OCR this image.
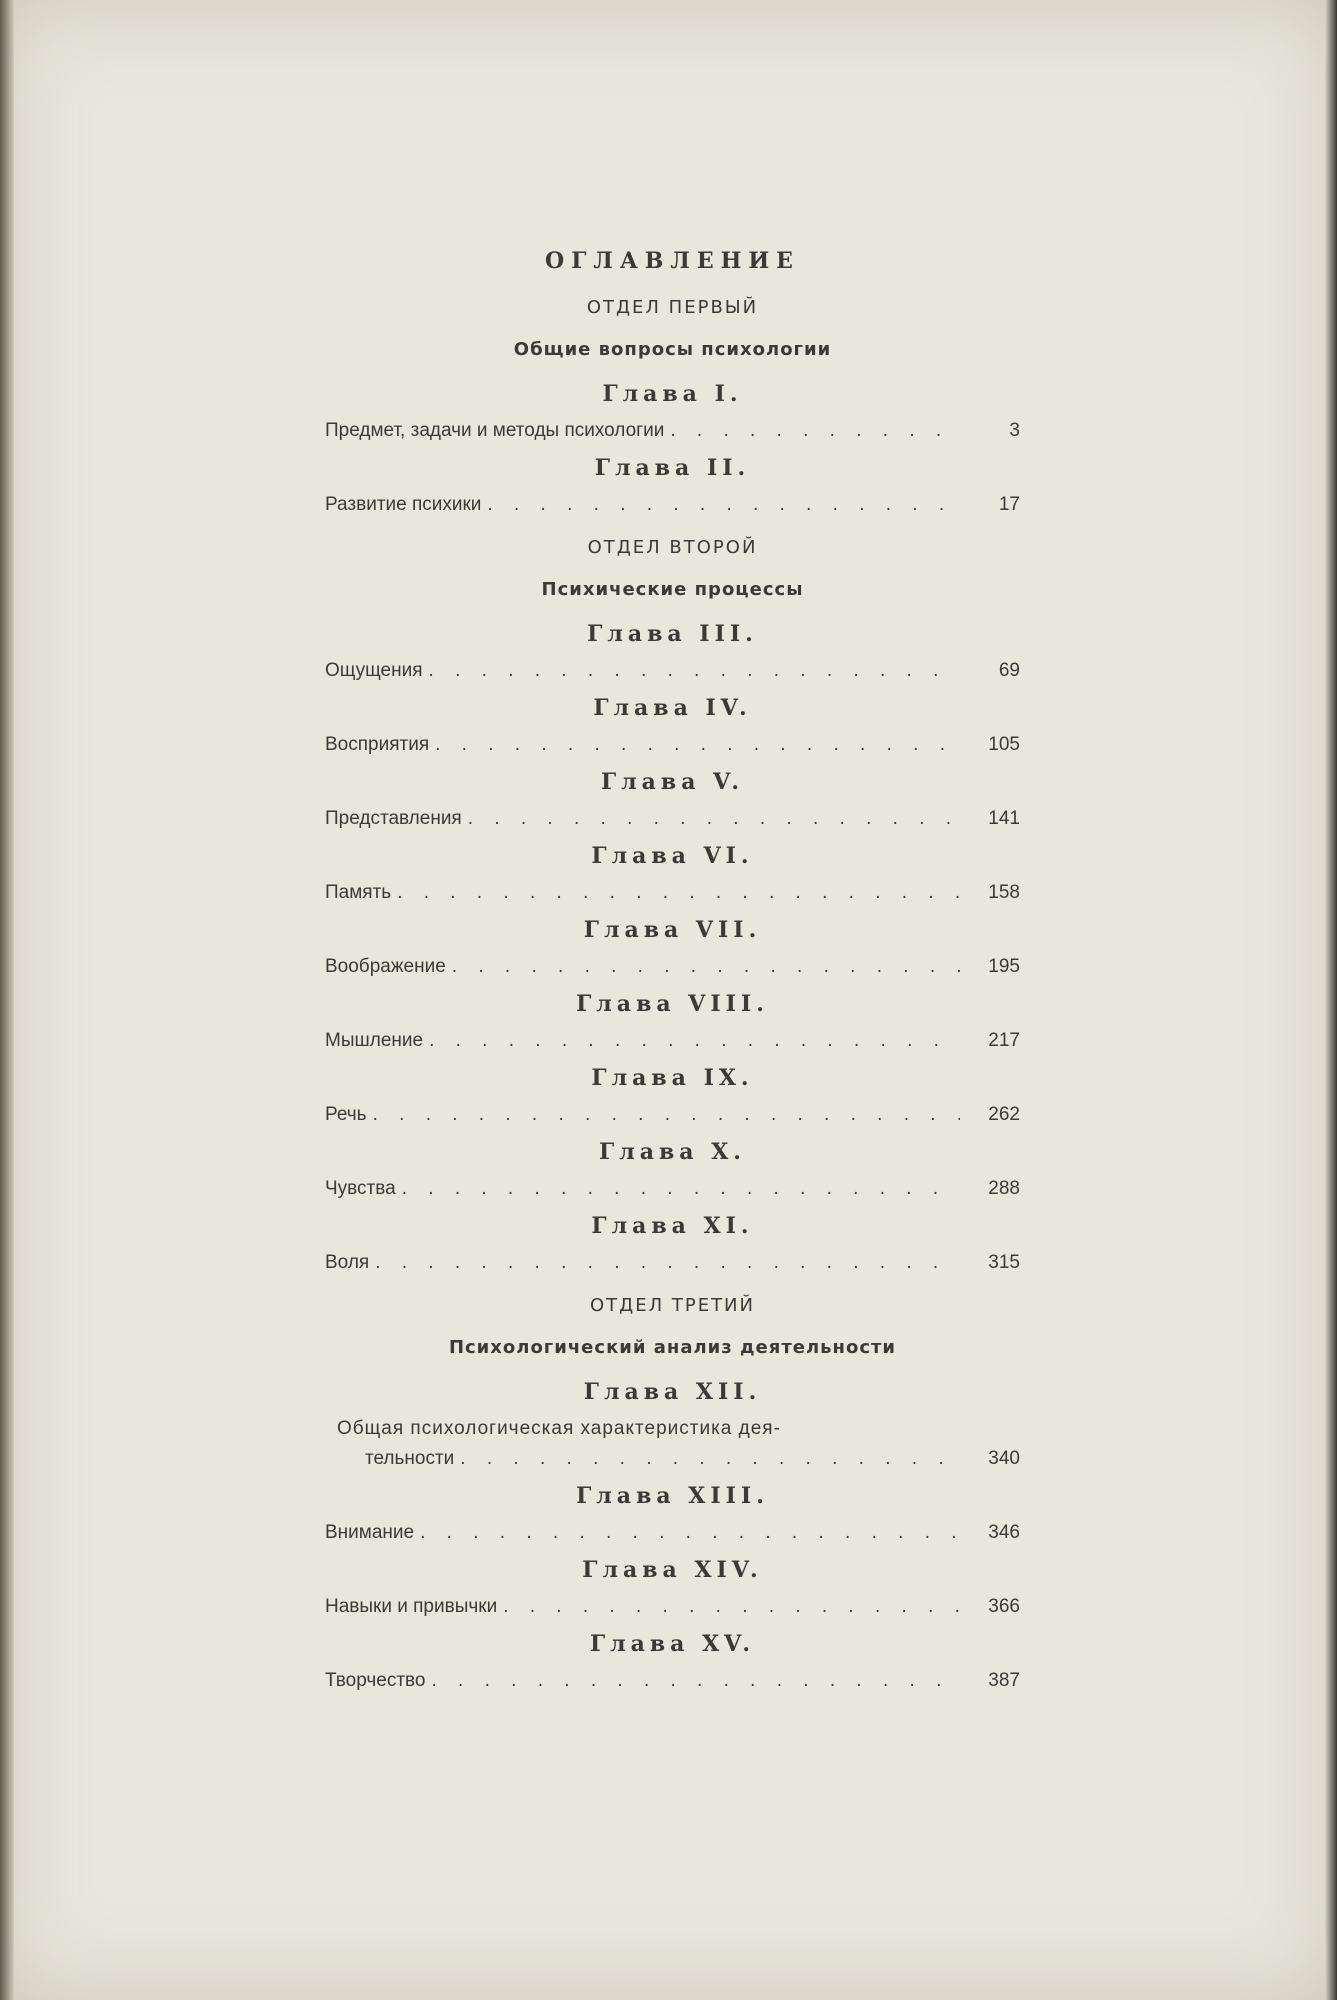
ОГЛАВЛЕНИЕ
ОТДЕЛ ПЕРВЫЙ
Общие вопросы психологии
Глава I.
Предмет, задачи и методы психологии . . .	3
Глава II.
Развитие психики . . .	17
ОТДЕЛ ВТОРОЙ
Психические процессы
Глава III.
Ощущения . . .	69
Глава IV.
Восприятия . . .	105
Глава V.
Представления . . .	141
Глава VI.
Память . . .	158
Глава VII.
Воображение . . .	195
Глава VIII.
Мышление . . .	217
Глава IX.
Речь . . .	262
Глава X.
Чувства . . .	288
Глава XI.
Воля . . .	315
ОТДЕЛ ТРЕТИЙ
Психологический анализ деятельности
Глава XII.
Общая психологическая характеристика дея-
тельности . . .	340
Глава XIII.
Внимание . . .	346
Глава XIV.
Навыки и привычки . . .	366
Глава XV.
Творчество . . .	387
